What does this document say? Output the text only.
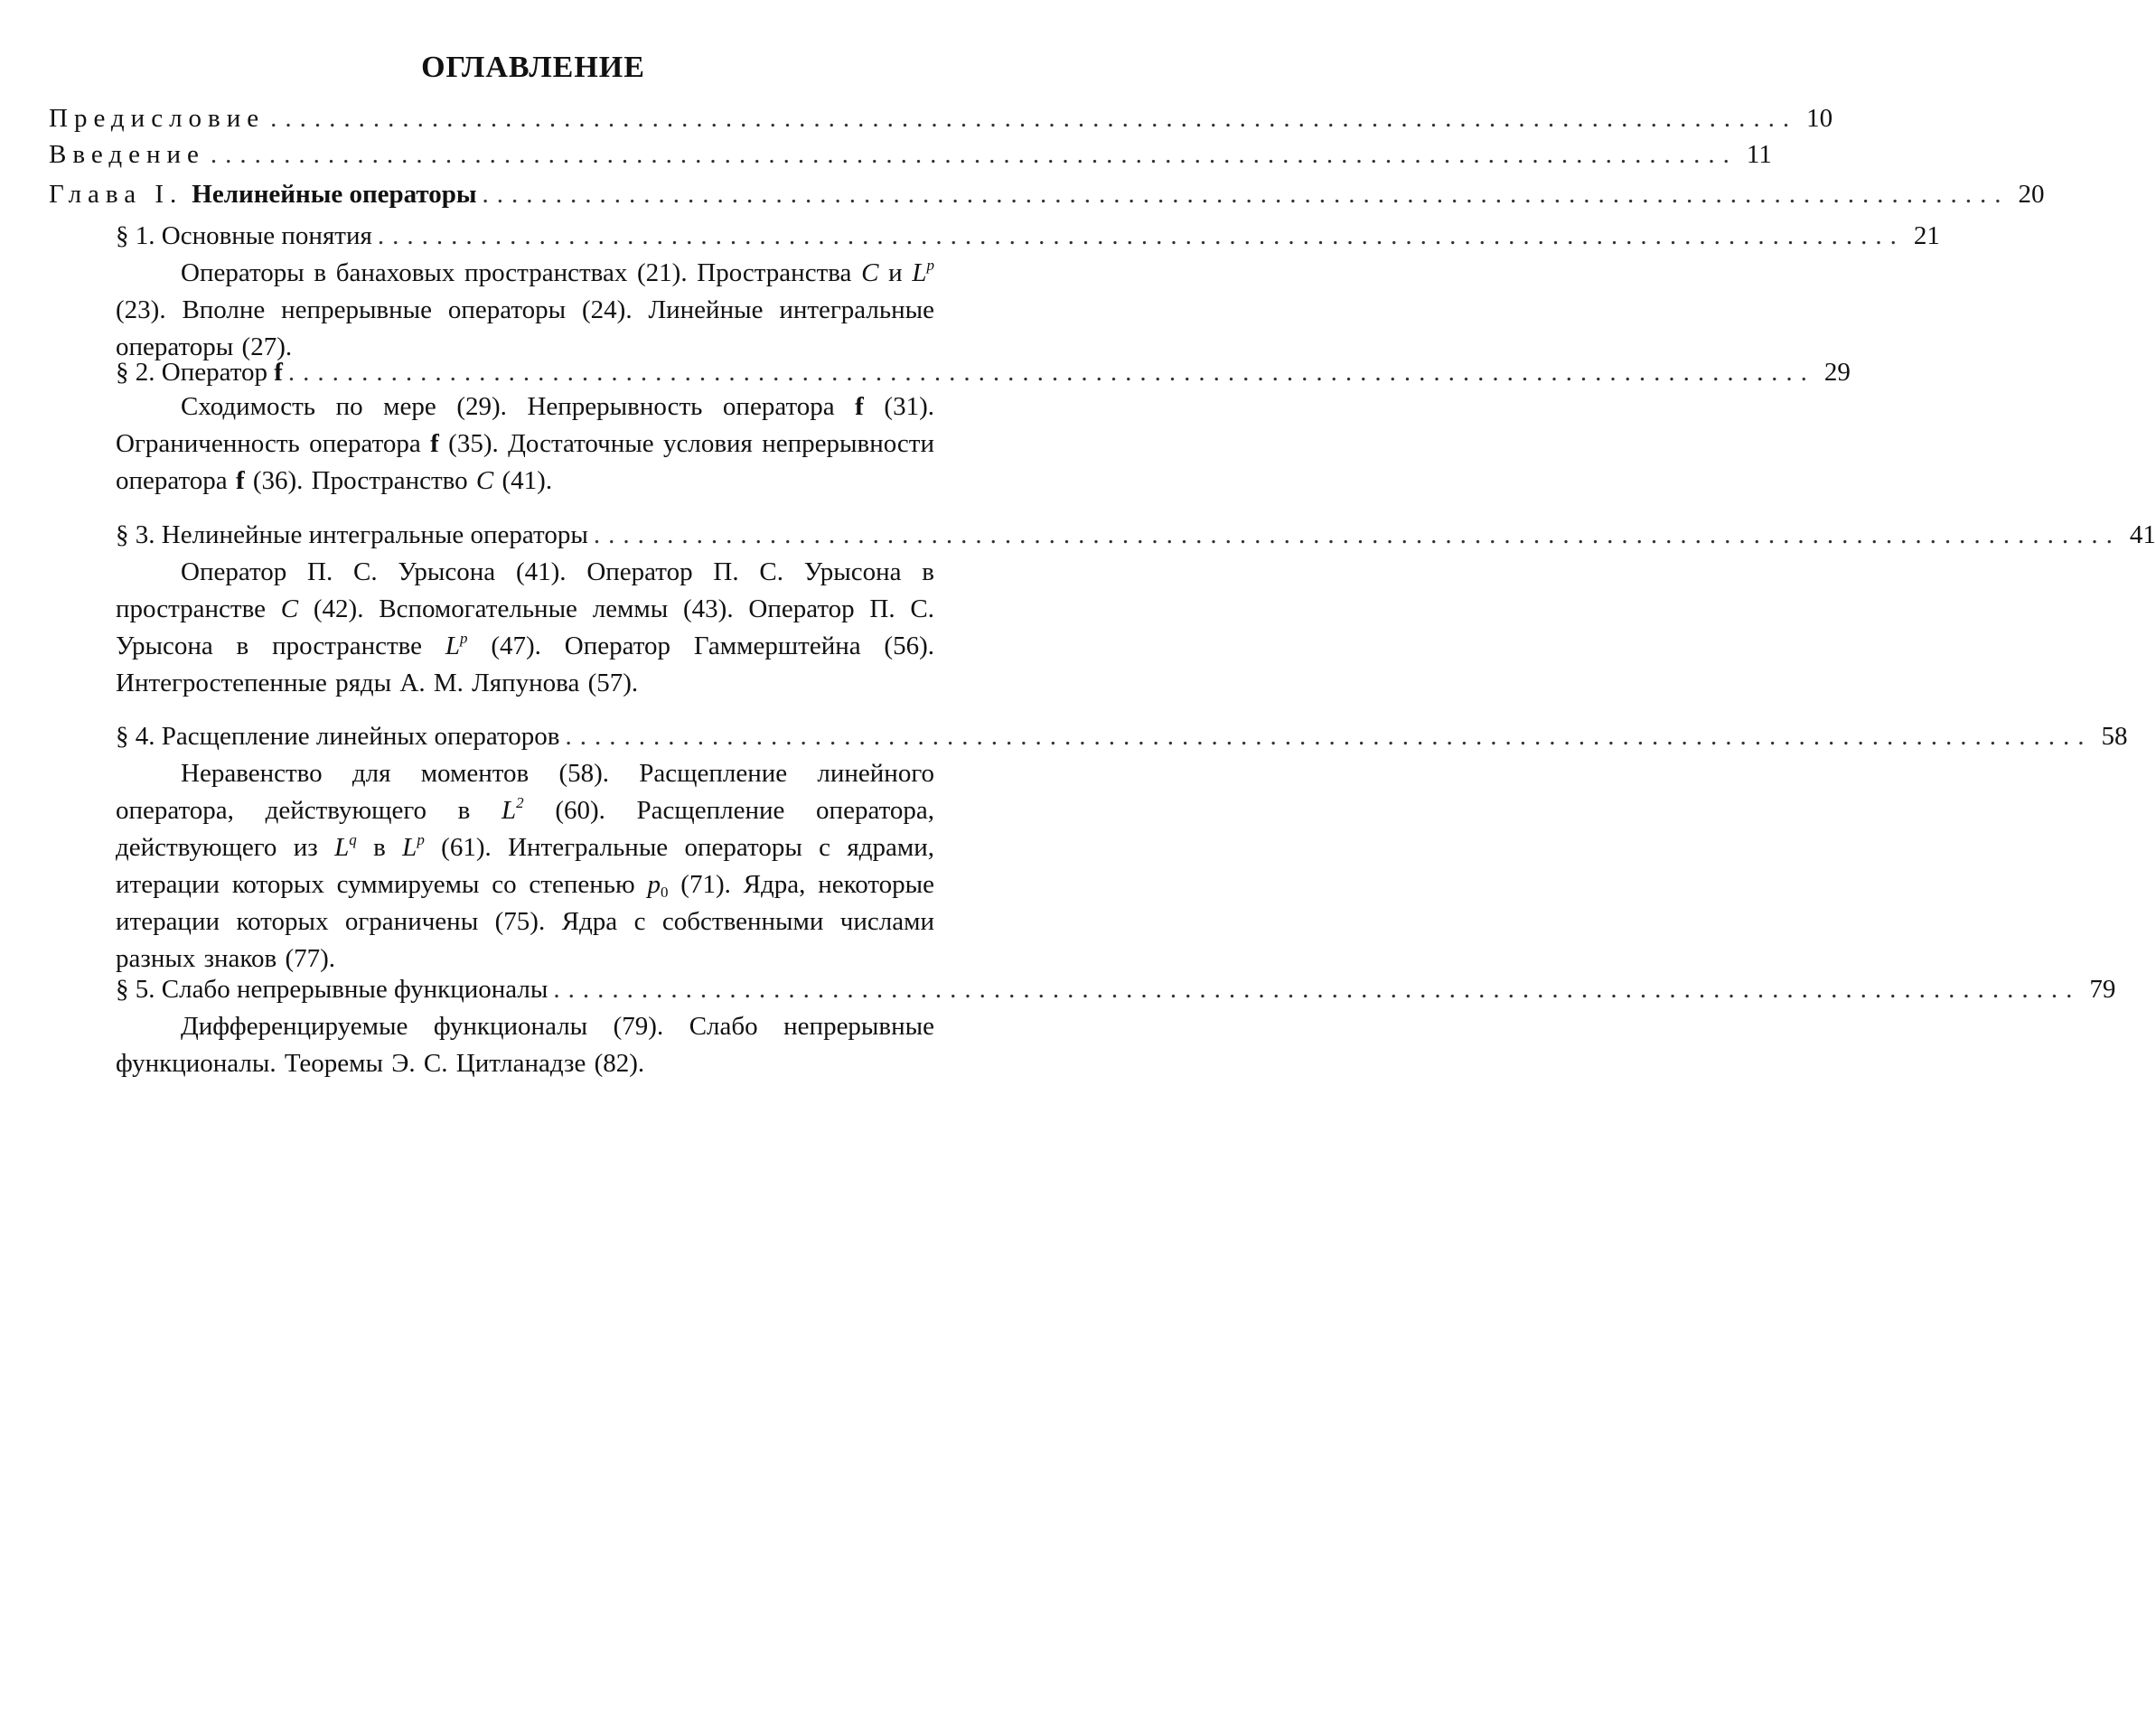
ОГЛАВЛЕНИЕ
Предисловие ........................................................................................................ 10
Введение ........................................................................................................ 11
Глава I. Нелинейные операторы ........................................................................................................ 20
§ 1. Основные понятия ........................................................................................................ 21
Операторы в банаховых пространствах (21). Пространства C и Lp (23). Вполне непрерывные операторы (24). Линейные интегральные операторы (27).
§ 2. Оператор f ........................................................................................................ 29
Сходимость по мере (29). Непрерывность оператора f (31). Ограниченность оператора f (35). Достаточные условия непрерывности оператора f (36). Пространство C (41).
§ 3. Нелинейные интегральные операторы ........................................................................................................ 41
Оператор П. С. Урысона (41). Оператор П. С. Урысона в пространстве C (42). Вспомогательные леммы (43). Оператор П. С. Урысона в пространстве Lp (47). Оператор Гаммерштейна (56). Интегростепенные ряды А. М. Ляпунова (57).
§ 4. Расщепление линейных операторов ........................................................................................................ 58
Неравенство для моментов (58). Расщепление линейного оператора, действующего в L2 (60). Расщепление оператора, действующего из Lq в Lp (61). Интегральные операторы с ядрами, итерации которых суммируемы со степенью p0 (71). Ядра, некоторые итерации которых ограничены (75). Ядра с собственными числами разных знаков (77).
§ 5. Слабо непрерывные функционалы ........................................................................................................ 79
Дифференцируемые функционалы (79). Слабо непрерывные функционалы. Теоремы Э. С. Цитланадзе (82).
